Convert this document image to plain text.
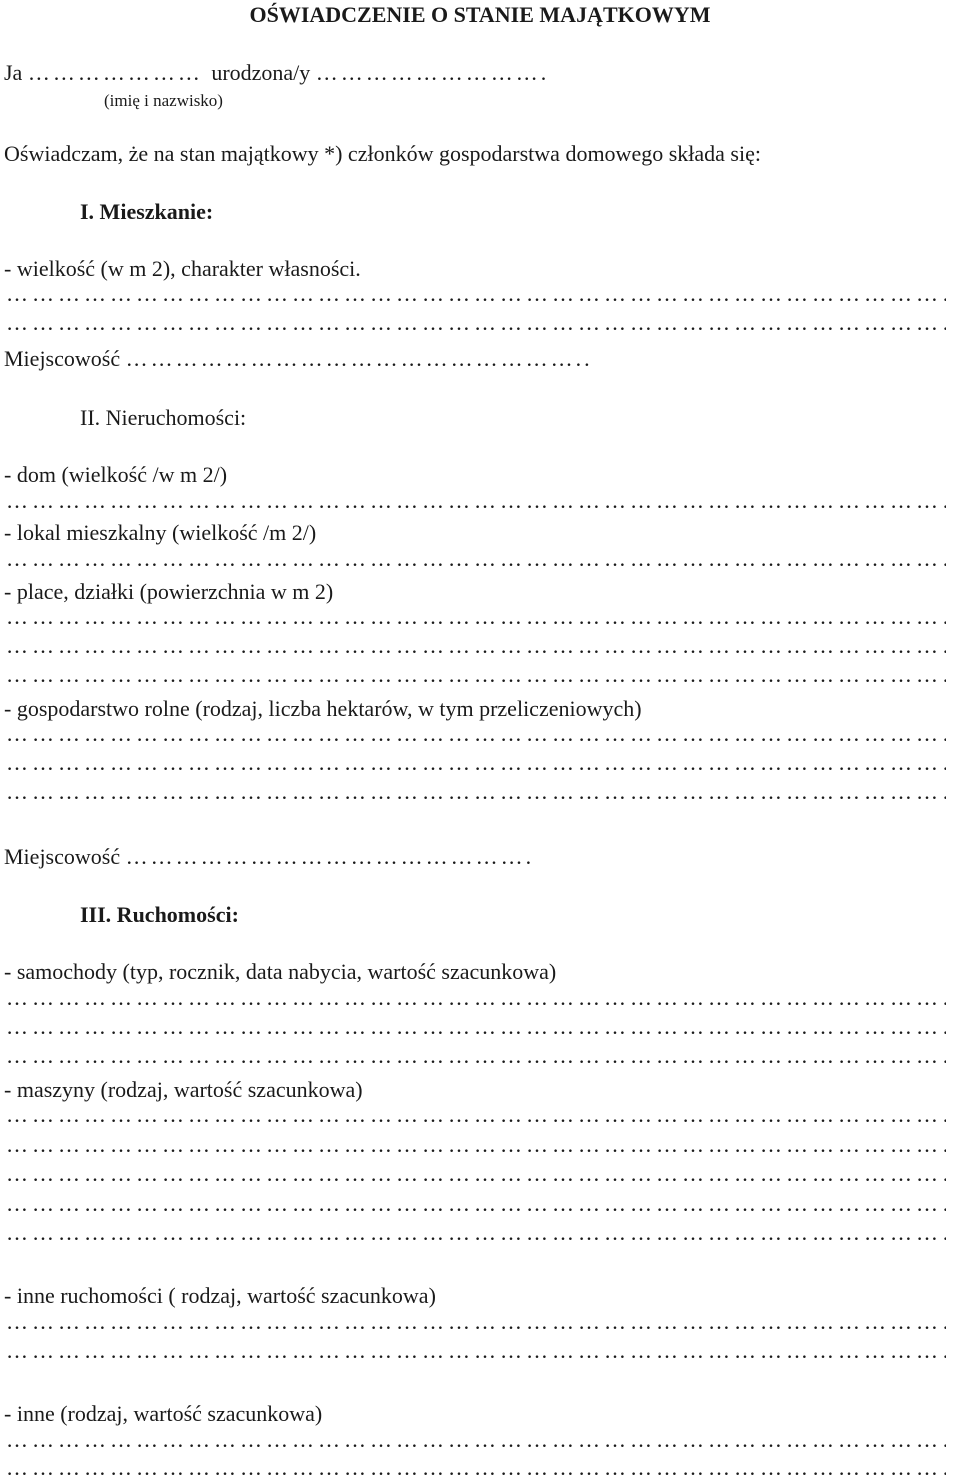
OŚWIADCZENIE O STANIE MAJĄTKOWYM
Ja ………………… urodzona/y ……………………….
(imię i nazwisko)
Oświadczam, że na stan majątkowy *) członków gospodarstwa domowego składa się:
I. Mieszkanie:
- wielkość (w m 2), charakter własności.
…………………………………………………………………………………………………………………………………………………………
…………………………………………………………………………………………………………………………………………………………
Miejscowość ………………………………………………..
II. Nieruchomości:
- dom (wielkość /w m 2/)
…………………………………………………………………………………………………………………………………………………………
- lokal mieszkalny (wielkość /m 2/)
…………………………………………………………………………………………………………………………………………………………
- place, działki (powierzchnia w m 2)
…………………………………………………………………………………………………………………………………………………………
…………………………………………………………………………………………………………………………………………………………
…………………………………………………………………………………………………………………………………………………………
- gospodarstwo rolne (rodzaj, liczba hektarów, w tym przeliczeniowych)
…………………………………………………………………………………………………………………………………………………………
…………………………………………………………………………………………………………………………………………………………
…………………………………………………………………………………………………………………………………………………………
Miejscowość ………………………………………….
III. Ruchomości:
- samochody (typ, rocznik, data nabycia, wartość szacunkowa)
…………………………………………………………………………………………………………………………………………………………
…………………………………………………………………………………………………………………………………………………………
…………………………………………………………………………………………………………………………………………………………
- maszyny (rodzaj, wartość szacunkowa)
…………………………………………………………………………………………………………………………………………………………
…………………………………………………………………………………………………………………………………………………………
…………………………………………………………………………………………………………………………………………………………
…………………………………………………………………………………………………………………………………………………………
…………………………………………………………………………………………………………………………………………………………
- inne ruchomości ( rodzaj, wartość szacunkowa)
…………………………………………………………………………………………………………………………………………………………
…………………………………………………………………………………………………………………………………………………………
- inne (rodzaj, wartość szacunkowa)
…………………………………………………………………………………………………………………………………………………………
…………………………………………………………………………………………………………………………………………………………
